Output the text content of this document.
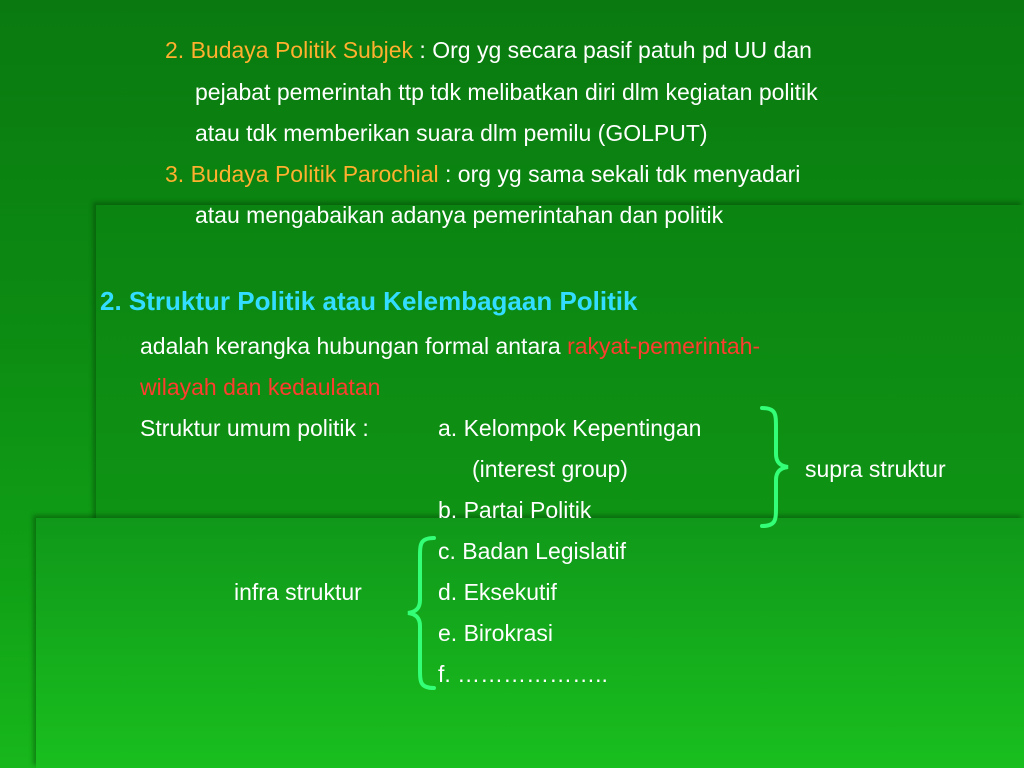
2. Budaya Politik Subjek : Org yg secara pasif patuh pd UU dan
pejabat pemerintah ttp tdk melibatkan diri dlm kegiatan politik
atau tdk memberikan suara dlm pemilu (GOLPUT)
3. Budaya Politik Parochial : org yg sama sekali tdk menyadari
atau mengabaikan adanya pemerintahan dan politik
2. Struktur Politik atau Kelembagaan Politik
adalah kerangka hubungan formal antara rakyat-pemerintah-
wilayah dan kedaulatan
Struktur umum politik :	a. Kelompok Kepentingan
(interest group)
b. Partai Politik
c. Badan Legislatif
d. Eksekutif
e. Birokrasi
f. ………………..
supra struktur
infra struktur
